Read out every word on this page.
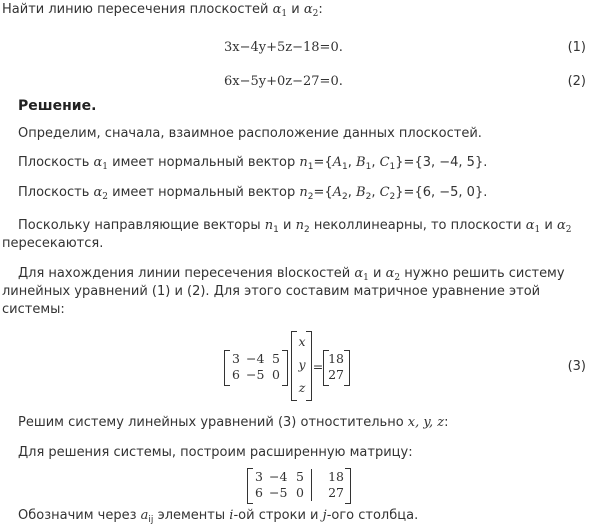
Найти линию пересечения плоскостей $\alpha_1$ и $\alpha_2$:
3x−4y+5z−18=0.	(1)
6x−5y+0z−27=0.	(2)
Решение.
Определим, сначала, взаимное расположение данных плоскостей.
Плоскость $\alpha_1$ имеет нормальный вектор $n_1=\{A_1$, $B_1$, $C_1\}=\{3$, −4, 5}.
Плоскость $\alpha_2$ имеет нормальный вектор $n_2=\{A_2$, $B_2$, $C_2\}=\{6$, −5, 0}.
Поскольку направляющие векторы $n_1$ и $n_2$ неколлинеарны, то плоскости $\alpha_1$ и $\alpha_2$
пересекаются.
Для нахождения линии пересечения вlоскостей $\alpha_1$ и $\alpha_2$ нужно решить систему
линейных уравнений (1) и (2). Для этого составим матричное уравнение этой
системы:
3 −4 5
6 −5 0
x
y
z
=
18
27
(3)
Решим систему линейных уравнений (3) отностительно x, y, z:
Для решения системы, построим расширенную матрицу:
3 −4 5
6 −5 0
18
27
Обозначим через $a_{ij}$ элементы i-ой строки и j-ого столбца.
